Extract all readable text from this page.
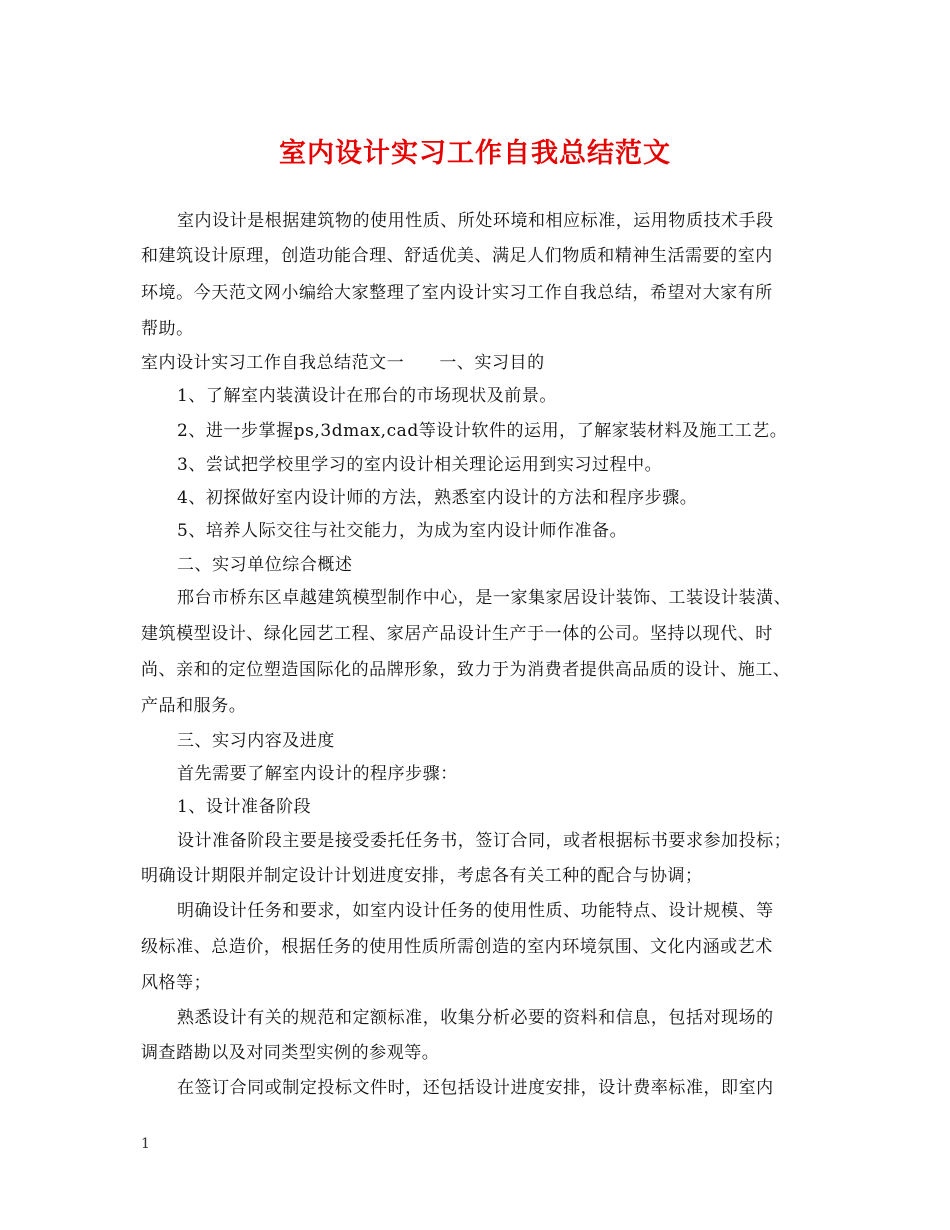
室内设计实习工作自我总结范文
室内设计是根据建筑物的使用性质、所处环境和相应标准，运用物质技术手段
和建筑设计原理，创造功能合理、舒适优美、满足人们物质和精神生活需要的室内
环境。今天范文网小编给大家整理了室内设计实习工作自我总结，希望对大家有所
帮助。
室内设计实习工作自我总结范文一　　一、实习目的
1、了解室内装潢设计在邢台的市场现状及前景。
2、进一步掌握ps,3dmax,cad等设计软件的运用，了解家装材料及施工工艺。
3、尝试把学校里学习的室内设计相关理论运用到实习过程中。
4、初探做好室内设计师的方法，熟悉室内设计的方法和程序步骤。
5、培养人际交往与社交能力，为成为室内设计师作准备。
二、实习单位综合概述
邢台市桥东区卓越建筑模型制作中心，是一家集家居设计装饰、工装设计装潢、
建筑模型设计、绿化园艺工程、家居产品设计生产于一体的公司。坚持以现代、时
尚、亲和的定位塑造国际化的品牌形象，致力于为消费者提供高品质的设计、施工、
产品和服务。
三、实习内容及进度
首先需要了解室内设计的程序步骤：
1、设计准备阶段
设计准备阶段主要是接受委托任务书，签订合同，或者根据标书要求参加投标；
明确设计期限并制定设计计划进度安排，考虑各有关工种的配合与协调；
明确设计任务和要求，如室内设计任务的使用性质、功能特点、设计规模、等
级标准、总造价，根据任务的使用性质所需创造的室内环境氛围、文化内涵或艺术
风格等；
熟悉设计有关的规范和定额标准，收集分析必要的资料和信息，包括对现场的
调查踏勘以及对同类型实例的参观等。
在签订合同或制定投标文件时，还包括设计进度安排，设计费率标准，即室内
1
